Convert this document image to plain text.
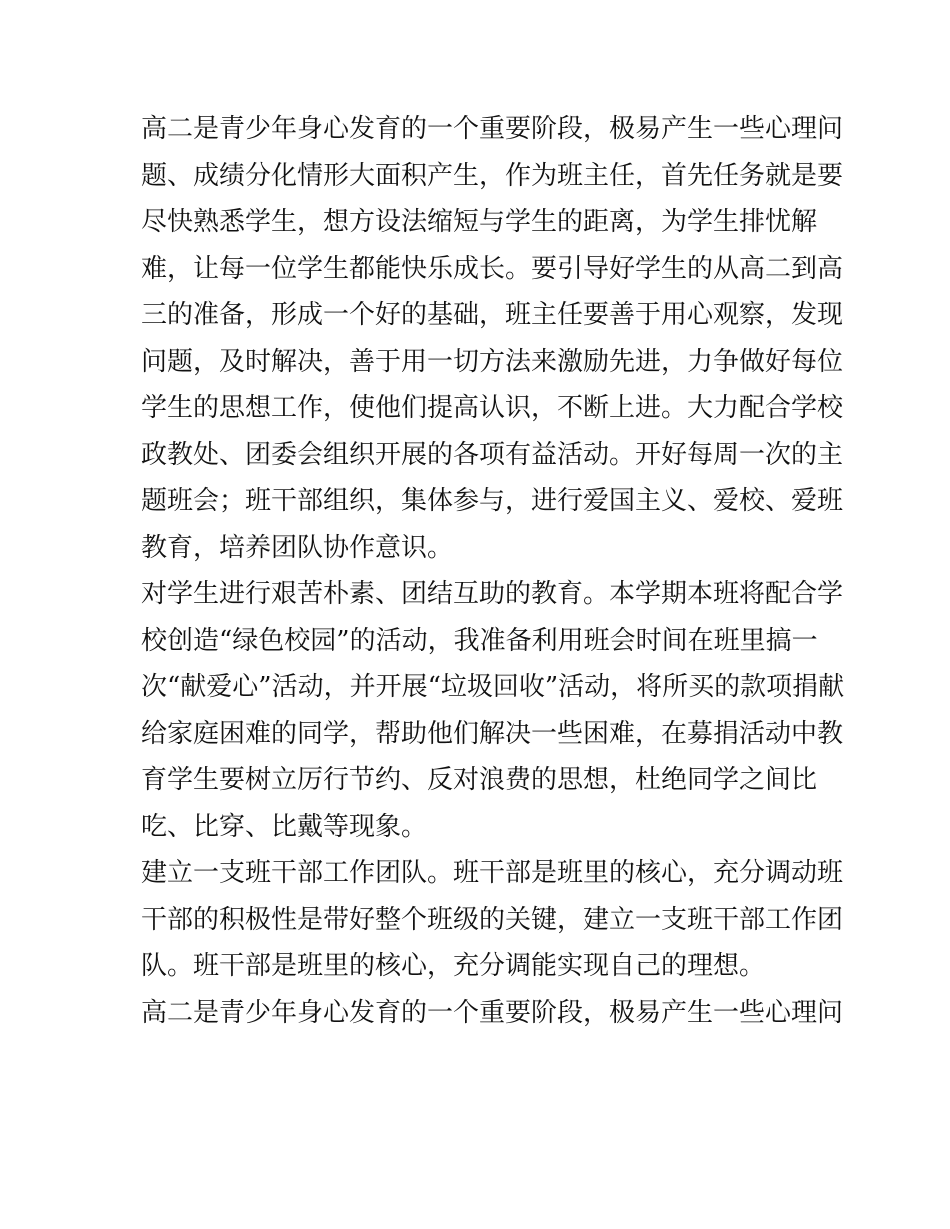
高二是青少年身心发育的一个重要阶段，极易产生一些心理问
题、成绩分化情形大面积产生，作为班主任，首先任务就是要
尽快熟悉学生，想方设法缩短与学生的距离，为学生排忧解
难，让每一位学生都能快乐成长。要引导好学生的从高二到高
三的准备，形成一个好的基础，班主任要善于用心观察，发现
问题，及时解决，善于用一切方法来激励先进，力争做好每位
学生的思想工作，使他们提高认识，不断上进。大力配合学校
政教处、团委会组织开展的各项有益活动。开好每周一次的主
题班会；班干部组织，集体参与，进行爱国主义、爱校、爱班
教育，培养团队协作意识。
对学生进行艰苦朴素、团结互助的教育。本学期本班将配合学
校创造“绿色校园”的活动，我准备利用班会时间在班里搞一
次“献爱心”活动，并开展“垃圾回收”活动，将所买的款项捐献
给家庭困难的同学，帮助他们解决一些困难，在募捐活动中教
育学生要树立厉行节约、反对浪费的思想，杜绝同学之间比
吃、比穿、比戴等现象。
建立一支班干部工作团队。班干部是班里的核心，充分调动班
干部的积极性是带好整个班级的关键，建立一支班干部工作团
队。班干部是班里的核心，充分调能实现自己的理想。
高二是青少年身心发育的一个重要阶段，极易产生一些心理问
